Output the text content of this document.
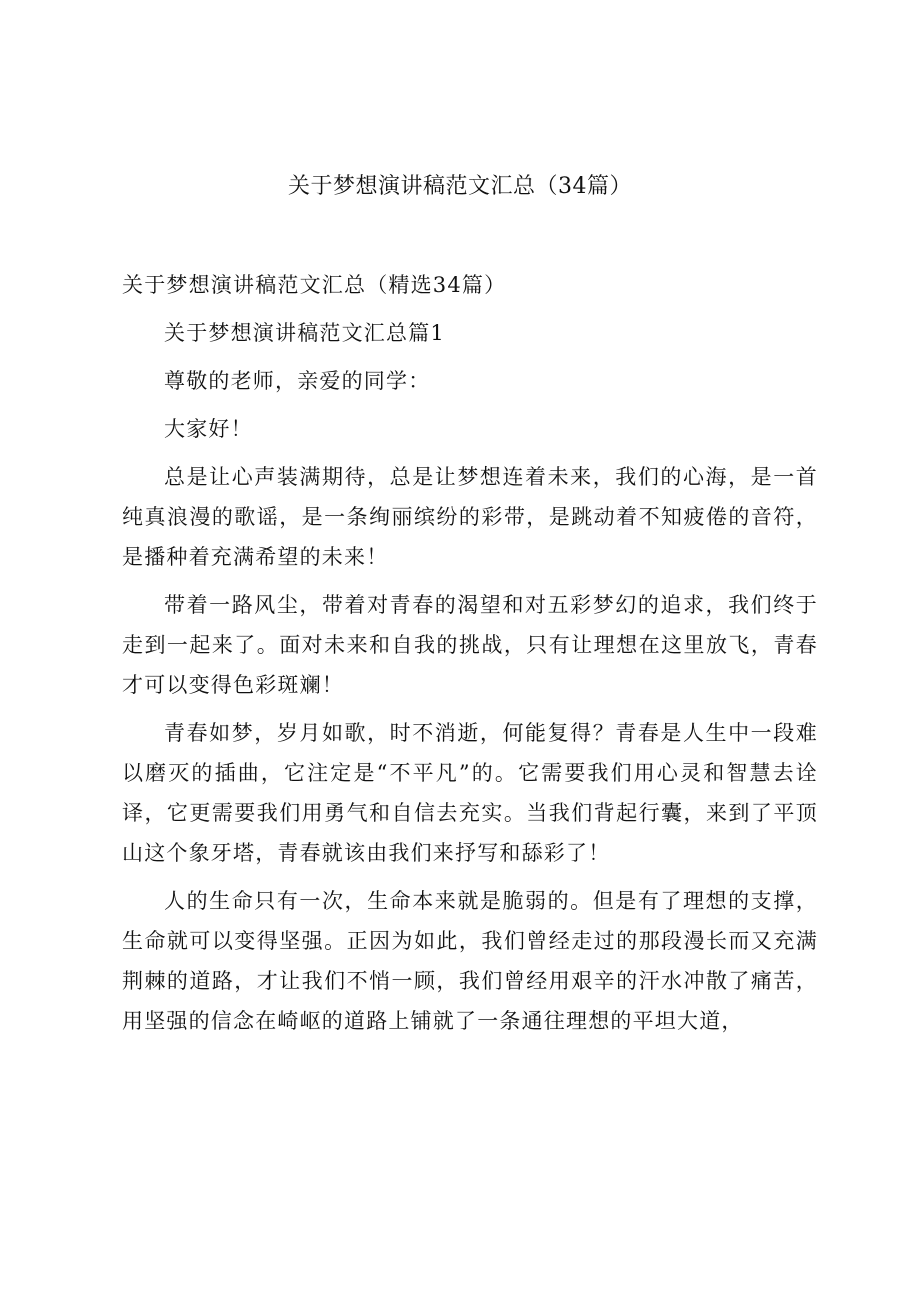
关于梦想演讲稿范文汇总（34篇）

关于梦想演讲稿范文汇总（精选34篇）

关于梦想演讲稿范文汇总篇1

尊敬的老师，亲爱的同学：

大家好！

总是让心声装满期待，总是让梦想连着未来，我们的心海，是一首纯真浪漫的歌谣，是一条绚丽缤纷的彩带，是跳动着不知疲倦的音符，是播种着充满希望的未来！

带着一路风尘，带着对青春的渴望和对五彩梦幻的追求，我们终于走到一起来了。面对未来和自我的挑战，只有让理想在这里放飞，青春才可以变得色彩斑斓！

青春如梦，岁月如歌，时不消逝，何能复得？青春是人生中一段难以磨灭的插曲，它注定是“不平凡”的。它需要我们用心灵和智慧去诠译，它更需要我们用勇气和自信去充实。当我们背起行囊，来到了平顶山这个象牙塔，青春就该由我们来抒写和舔彩了！

人的生命只有一次，生命本来就是脆弱的。但是有了理想的支撑，生命就可以变得坚强。正因为如此，我们曾经走过的那段漫长而又充满荆棘的道路，才让我们不悄一顾，我们曾经用艰辛的汗水冲散了痛苦，用坚强的信念在崎岖的道路上铺就了一条通往理想的平坦大道，
